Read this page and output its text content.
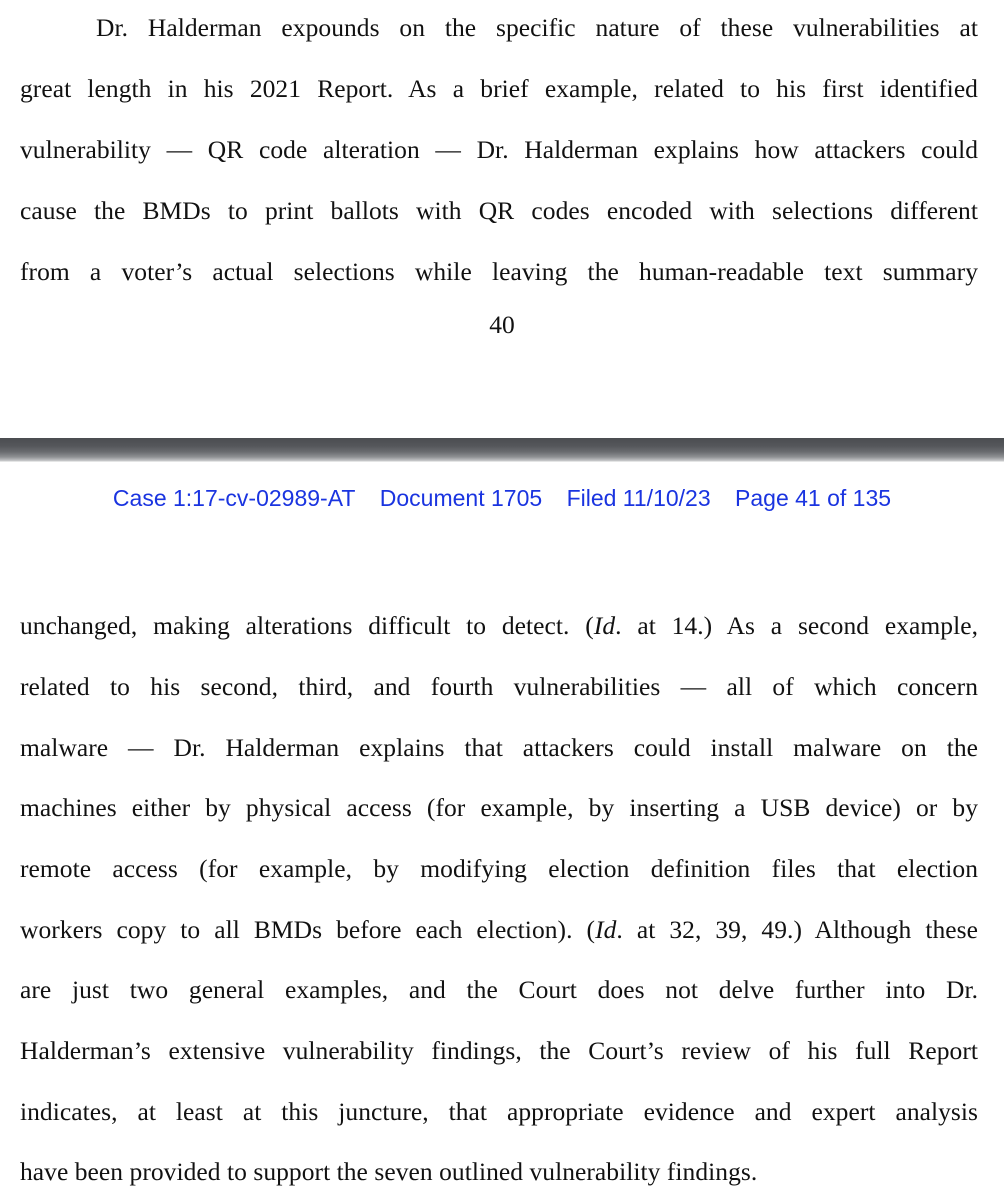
Dr. Halderman expounds on the specific nature of these vulnerabilities at
great length in his 2021 Report. As a brief example, related to his first identified
vulnerability — QR code alteration — Dr. Halderman explains how attackers could
cause the BMDs to print ballots with QR codes encoded with selections different
from a voter’s actual selections while leaving the human-readable text summary
40
Case 1:17-cv-02989-AT Document 1705 Filed 11/10/23 Page 41 of 135
unchanged, making alterations difficult to detect. (Id. at 14.) As a second example,
related to his second, third, and fourth vulnerabilities — all of which concern
malware — Dr. Halderman explains that attackers could install malware on the
machines either by physical access (for example, by inserting a USB device) or by
remote access (for example, by modifying election definition files that election
workers copy to all BMDs before each election). (Id. at 32, 39, 49.) Although these
are just two general examples, and the Court does not delve further into Dr.
Halderman’s extensive vulnerability findings, the Court’s review of his full Report
indicates, at least at this juncture, that appropriate evidence and expert analysis
have been provided to support the seven outlined vulnerability findings.
